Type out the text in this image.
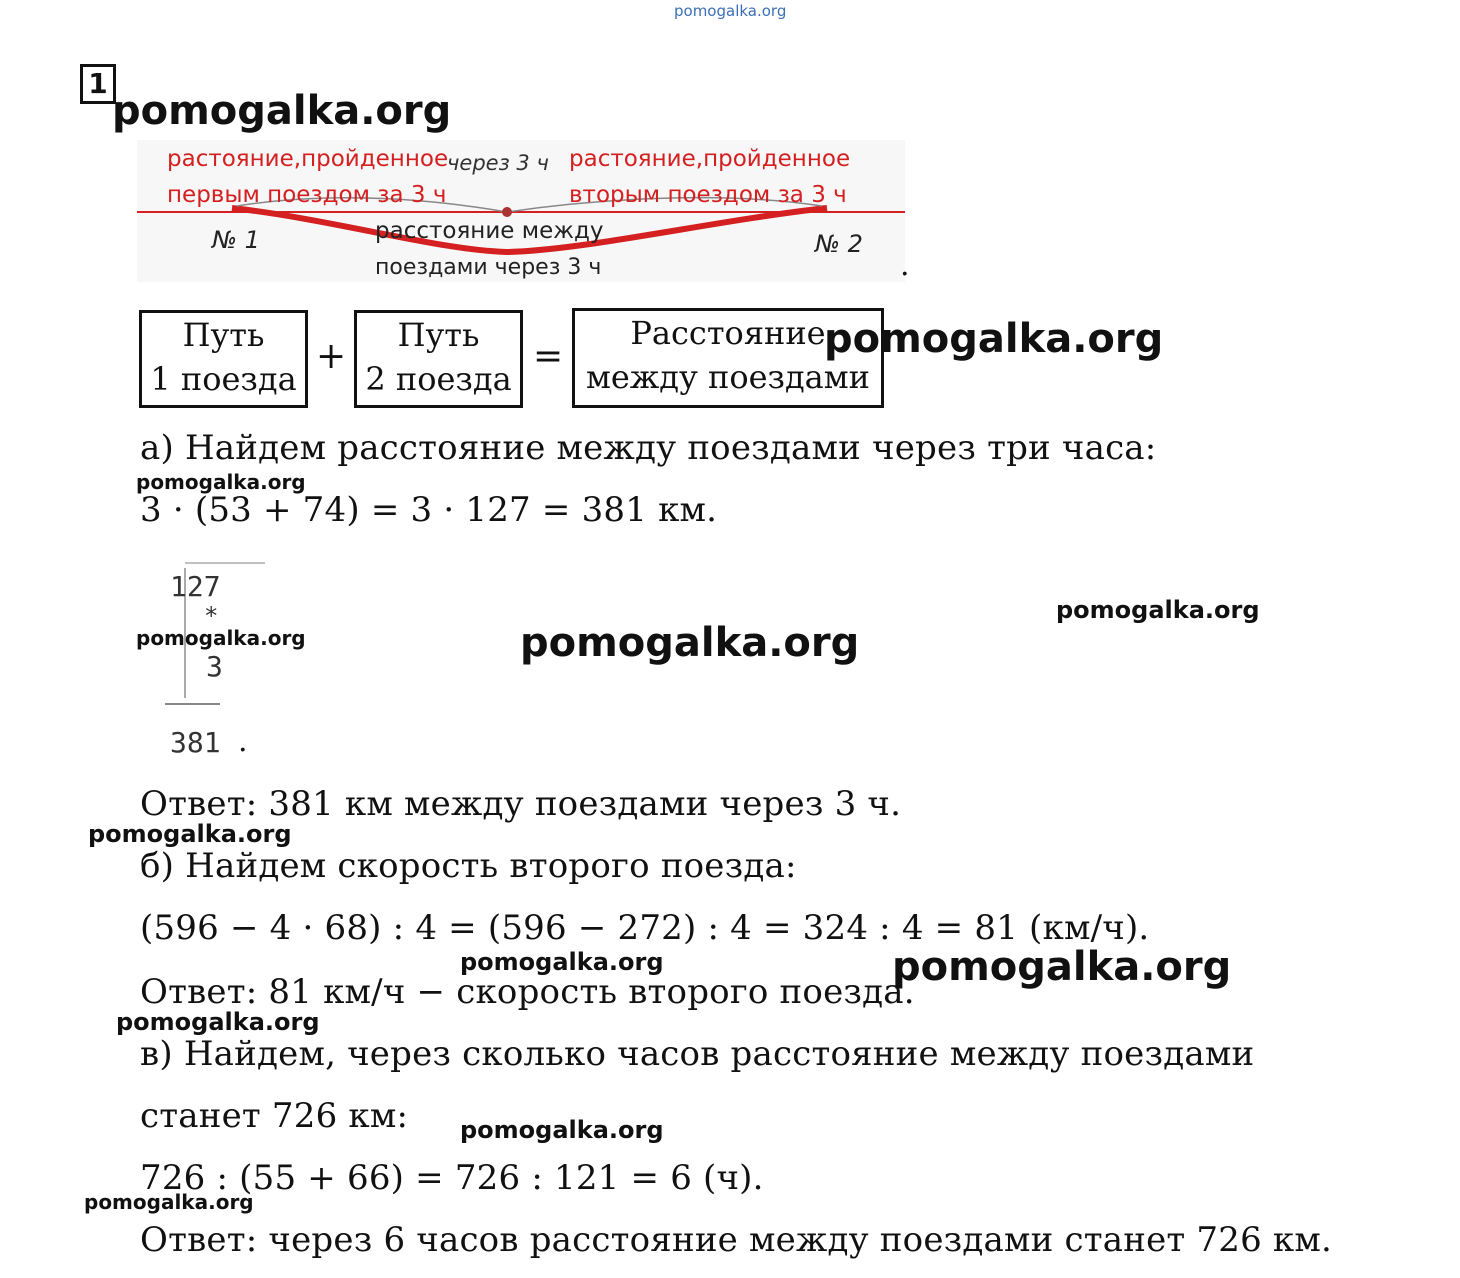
pomogalka.org
1
pomogalka.org
растояние,пройденное
первым поездом за 3 ч
через 3 ч растояние,пройденное
вторым поездом за 3 ч
№ 1	№ 2
расстояние между
поездами через 3 ч	.
Путь
1 поезда
+
Путь
2 поезда
=
Расстояние
между поездами
pomogalka.org
а) Найдем расстояние между поездами через три часа:
pomogalka.org
3 · (53 + 74) = 3 · 127 = 381 км.
127
*
3
381 .
pomogalka.org	pomogalka.org
pomogalka.org
Ответ: 381 км между поездами через 3 ч.
pomogalka.org
б) Найдем скорость второго поезда:
(596 − 4 · 68) : 4 = (596 − 272) : 4 = 324 : 4 = 81 (км/ч).
pomogalka.org	pomogalka.org
Ответ: 81 км/ч − скорость второго поезда.
pomogalka.org
в) Найдем, через сколько часов расстояние между поездами
станет 726 км: pomogalka.org
726 : (55 + 66) = 726 : 121 = 6 (ч).
pomogalka.org
Ответ: через 6 часов расстояние между поездами станет 726 км.
